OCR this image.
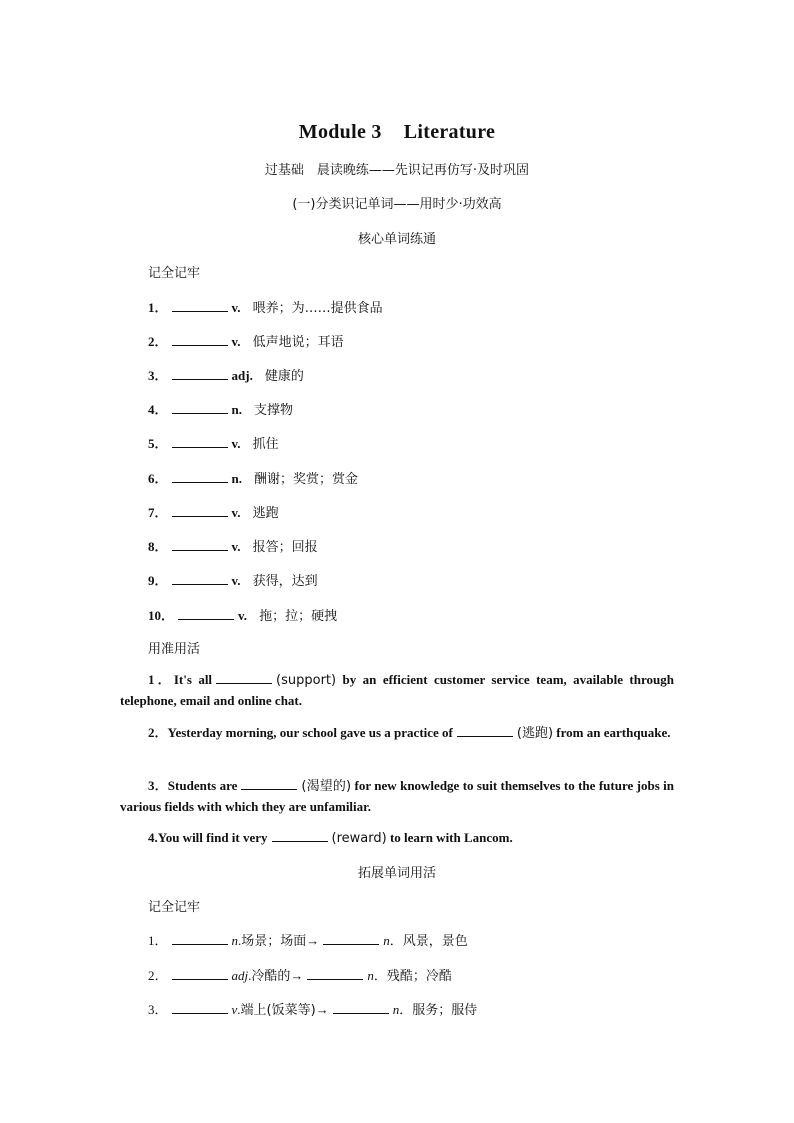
Module 3 Literature
过基础　晨读晚练——先识记再仿写·及时巩固
(一)分类识记单词——用时少·功效高
核心单词练通
记全记牢
1．	v. 喂养；为……提供食品
2．	v. 低声地说；耳语
3．	adj. 健康的
4．	n. 支撑物
5．	v. 抓住
6．	n. 酬谢；奖赏；赏金
7．	v. 逃跑
8．	v. 报答；回报
9．	v. 获得，达到
10．	v. 拖；拉；硬拽
用准用活
1．It's all	(support) by an efficient customer service team, available through telephone, email and online chat.
2．Yesterday morning, our school gave us a practice of	(逃跑) from an earthquake.
3．Students are	(渴望的) for new knowledge to suit themselves to the future jobs in various fields with which they are unfamiliar.
4.You will find it very	(reward) to learn with Lancom.
拓展单词用活
记全记牢
1．	n.场景；场面→	n．风景，景色
2．	adj.冷酷的→	n．残酷；冷酷
3．	v.端上(饭菜等)→	n．服务；服侍
